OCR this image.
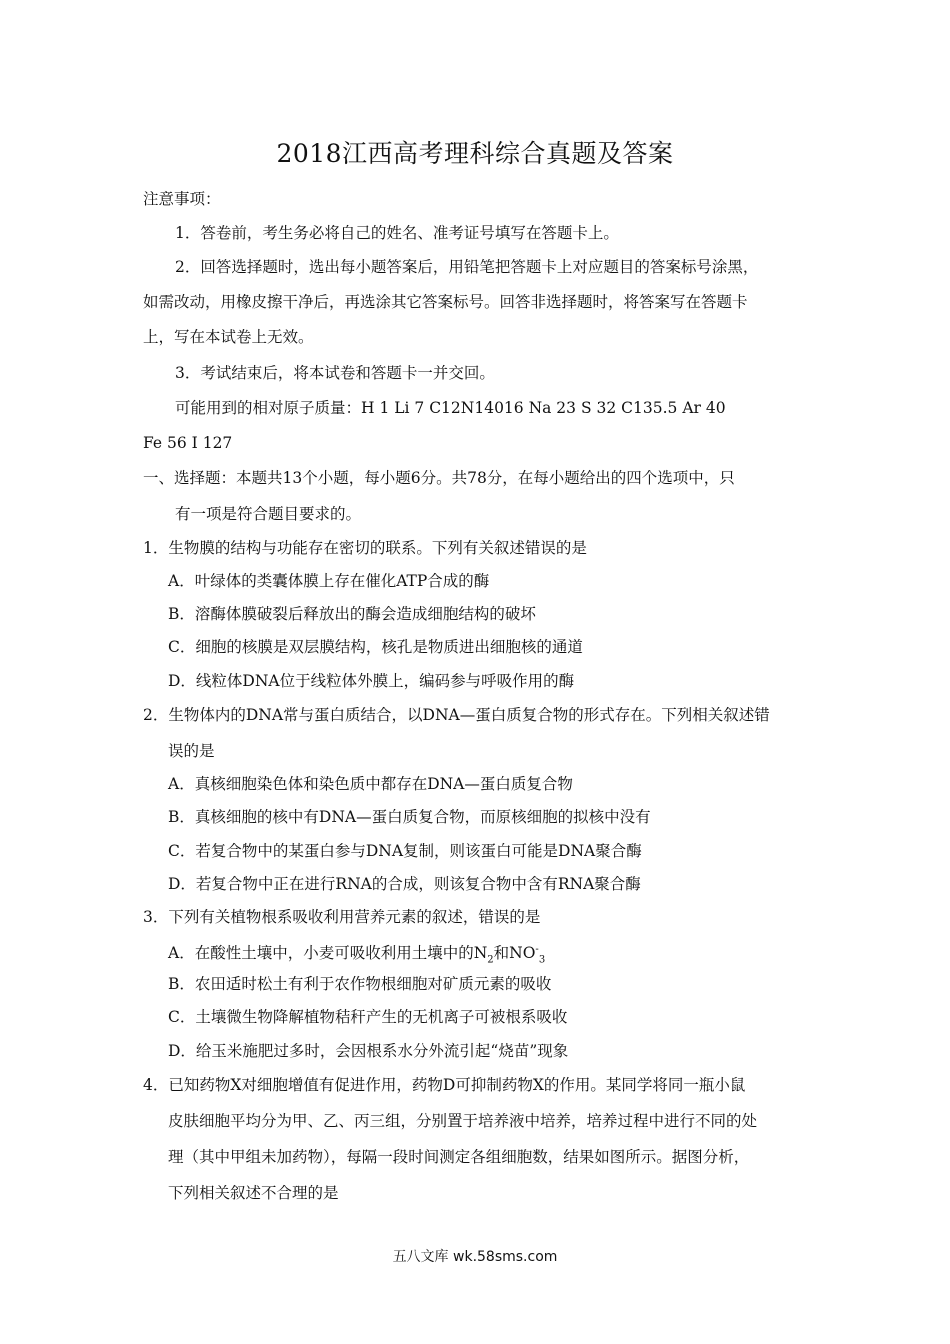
2018江西高考理科综合真题及答案
注意事项：
1．答卷前，考生务必将自己的姓名、准考证号填写在答题卡上。
2．回答选择题时，选出每小题答案后，用铅笔把答题卡上对应题目的答案标号涂黑，
如需改动，用橡皮擦干净后，再选涂其它答案标号。回答非选择题时，将答案写在答题卡
上，写在本试卷上无效。
3．考试结束后，将本试卷和答题卡一并交回。
可能用到的相对原子质量：H 1 Li 7 C12N14016 Na 23 S 32 C135.5 Ar 40
Fe 56 I 127
一、选择题：本题共13个小题，每小题6分。共78分，在每小题给出的四个选项中，只
有一项是符合题目要求的。
1．生物膜的结构与功能存在密切的联系。下列有关叙述错误的是
A．叶绿体的类囊体膜上存在催化ATP合成的酶
B．溶酶体膜破裂后释放出的酶会造成细胞结构的破坏
C．细胞的核膜是双层膜结构，核孔是物质进出细胞核的通道
D．线粒体DNA位于线粒体外膜上，编码参与呼吸作用的酶
2．生物体内的DNA常与蛋白质结合，以DNA—蛋白质复合物的形式存在。下列相关叙述错
误的是
A．真核细胞染色体和染色质中都存在DNA—蛋白质复合物
B．真核细胞的核中有DNA—蛋白质复合物，而原核细胞的拟核中没有
C．若复合物中的某蛋白参与DNA复制，则该蛋白可能是DNA聚合酶
D．若复合物中正在进行RNA的合成，则该复合物中含有RNA聚合酶
3．下列有关植物根系吸收利用营养元素的叙述，错误的是
A．在酸性土壤中，小麦可吸收利用土壤中的$N_2$和$NO^-_3$
B．农田适时松土有利于农作物根细胞对矿质元素的吸收
C．土壤微生物降解植物秸秆产生的无机离子可被根系吸收
D．给玉米施肥过多时，会因根系水分外流引起“烧苗”现象
4．已知药物X对细胞增值有促进作用，药物D可抑制药物X的作用。某同学将同一瓶小鼠
皮肤细胞平均分为甲、乙、丙三组，分别置于培养液中培养，培养过程中进行不同的处
理（其中甲组未加药物），每隔一段时间测定各组细胞数，结果如图所示。据图分析，
下列相关叙述不合理的是
五八文库 wk.58sms.com
